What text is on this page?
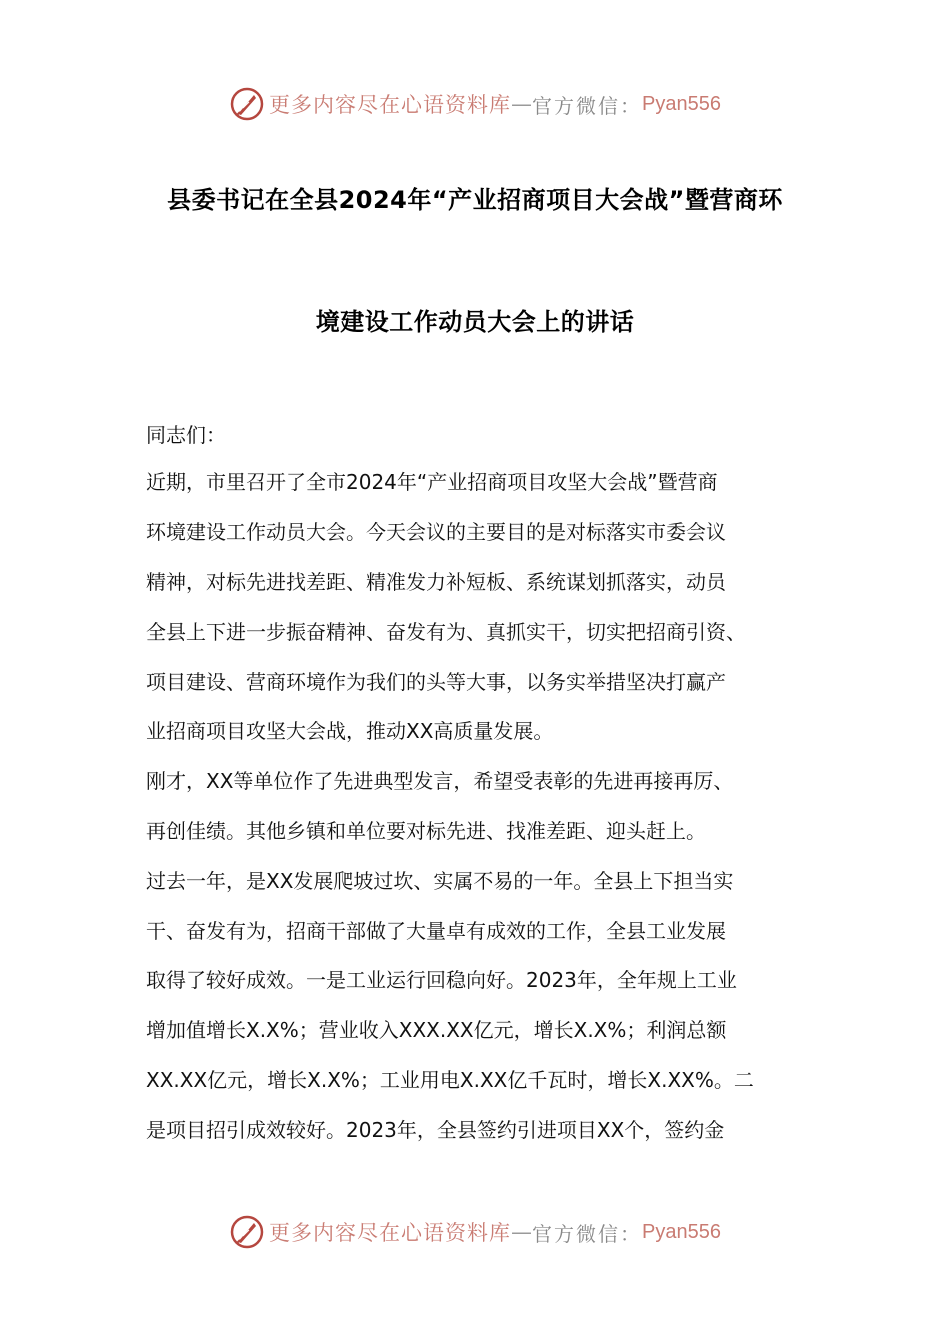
更多内容尽在心语资料库 — 官方微信： Pyan556
县委书记在全县2024年“产业招商项目大会战”暨营商环
境建设工作动员大会上的讲话
同志们：
近期，市里召开了全市2024年“产业招商项目攻坚大会战”暨营商
环境建设工作动员大会。今天会议的主要目的是对标落实市委会议
精神，对标先进找差距、精准发力补短板、系统谋划抓落实，动员
全县上下进一步振奋精神、奋发有为、真抓实干，切实把招商引资、
项目建设、营商环境作为我们的头等大事，以务实举措坚决打赢产
业招商项目攻坚大会战，推动XX高质量发展。
刚才，XX等单位作了先进典型发言，希望受表彰的先进再接再厉、
再创佳绩。其他乡镇和单位要对标先进、找准差距、迎头赶上。
过去一年，是XX发展爬坡过坎、实属不易的一年。全县上下担当实
干、奋发有为，招商干部做了大量卓有成效的工作，全县工业发展
取得了较好成效。一是工业运行回稳向好。2023年，全年规上工业
增加值增长X.X%；营业收入XXX.XX亿元，增长X.X%；利润总额
XX.XX亿元，增长X.X%；工业用电X.XX亿千瓦时，增长X.XX%。二
是项目招引成效较好。2023年，全县签约引进项目XX个，签约金
更多内容尽在心语资料库 — 官方微信： Pyan556
